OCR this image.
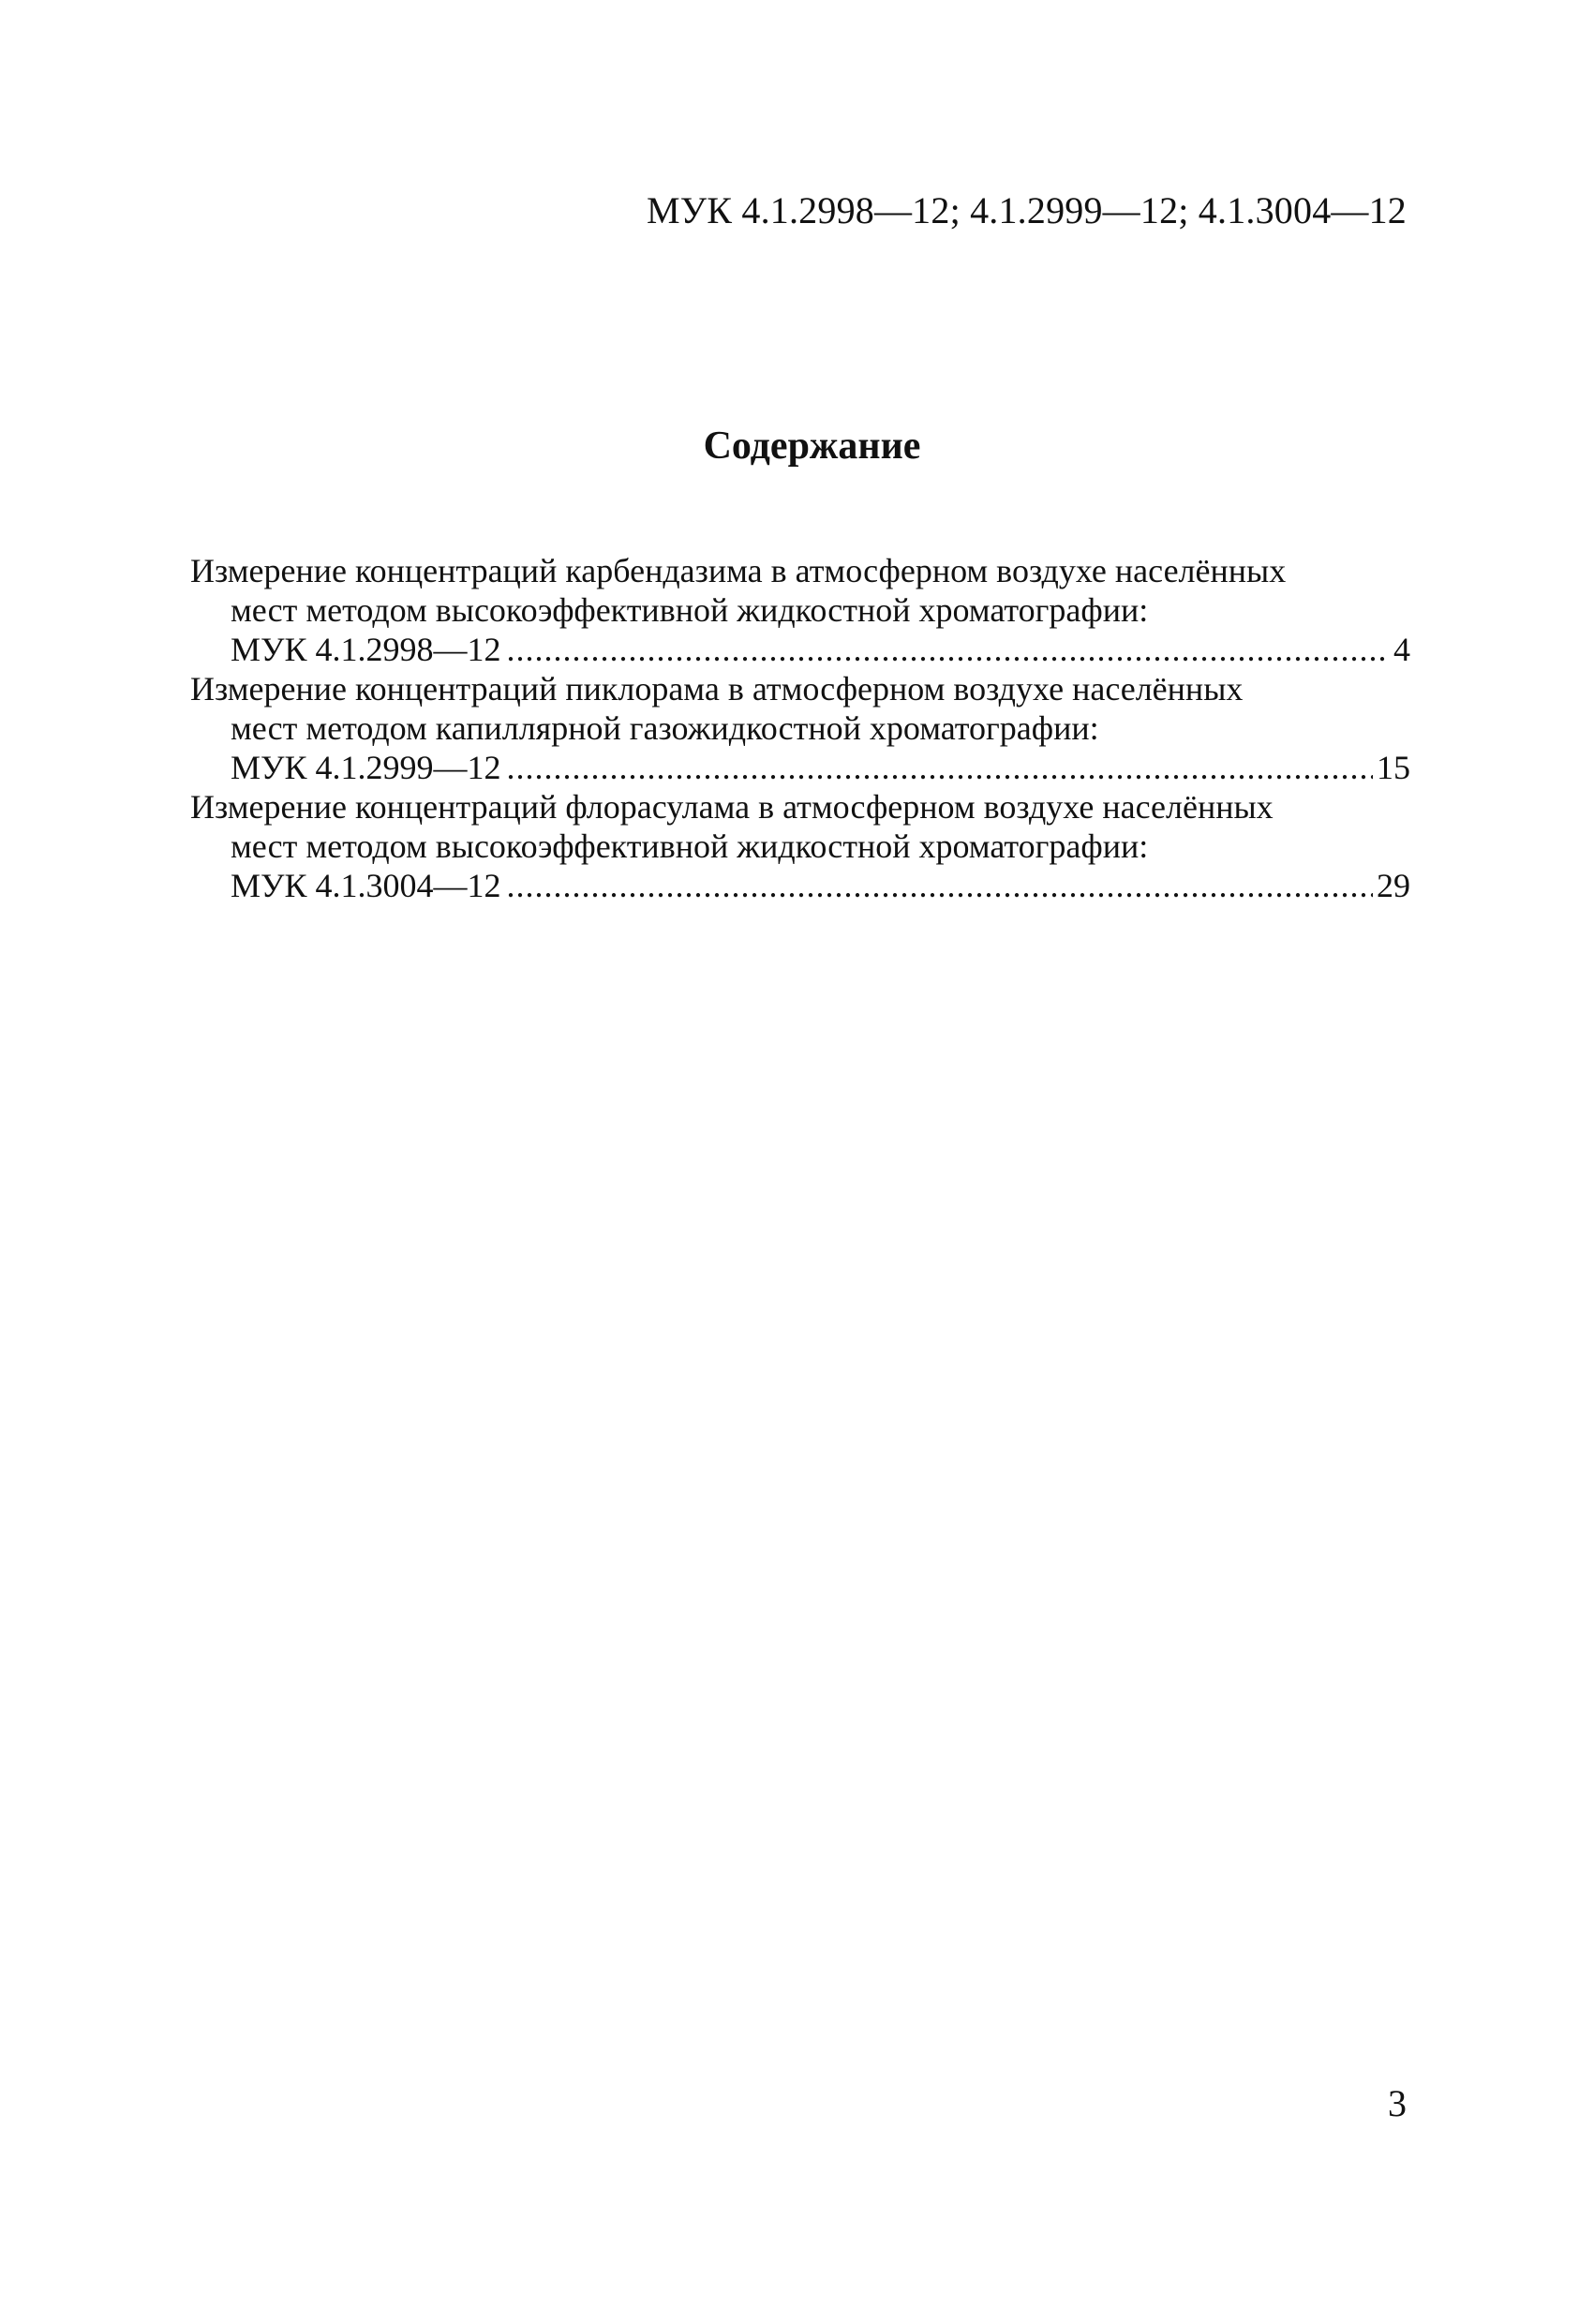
МУК 4.1.2998—12; 4.1.2999—12; 4.1.3004—12
Содержание
Измерение концентраций карбендазима в атмосферном воздухе населённых
мест методом высокоэффективной жидкостной хроматографии:
МУК 4.1.2998—12 .....	4
Измерение концентраций пиклорама в атмосферном воздухе населённых
мест методом капиллярной газожидкостной хроматографии:
МУК 4.1.2999—12 .....	15
Измерение концентраций флорасулама в атмосферном воздухе населённых
мест методом высокоэффективной жидкостной хроматографии:
МУК 4.1.3004—12 .....	29
3
